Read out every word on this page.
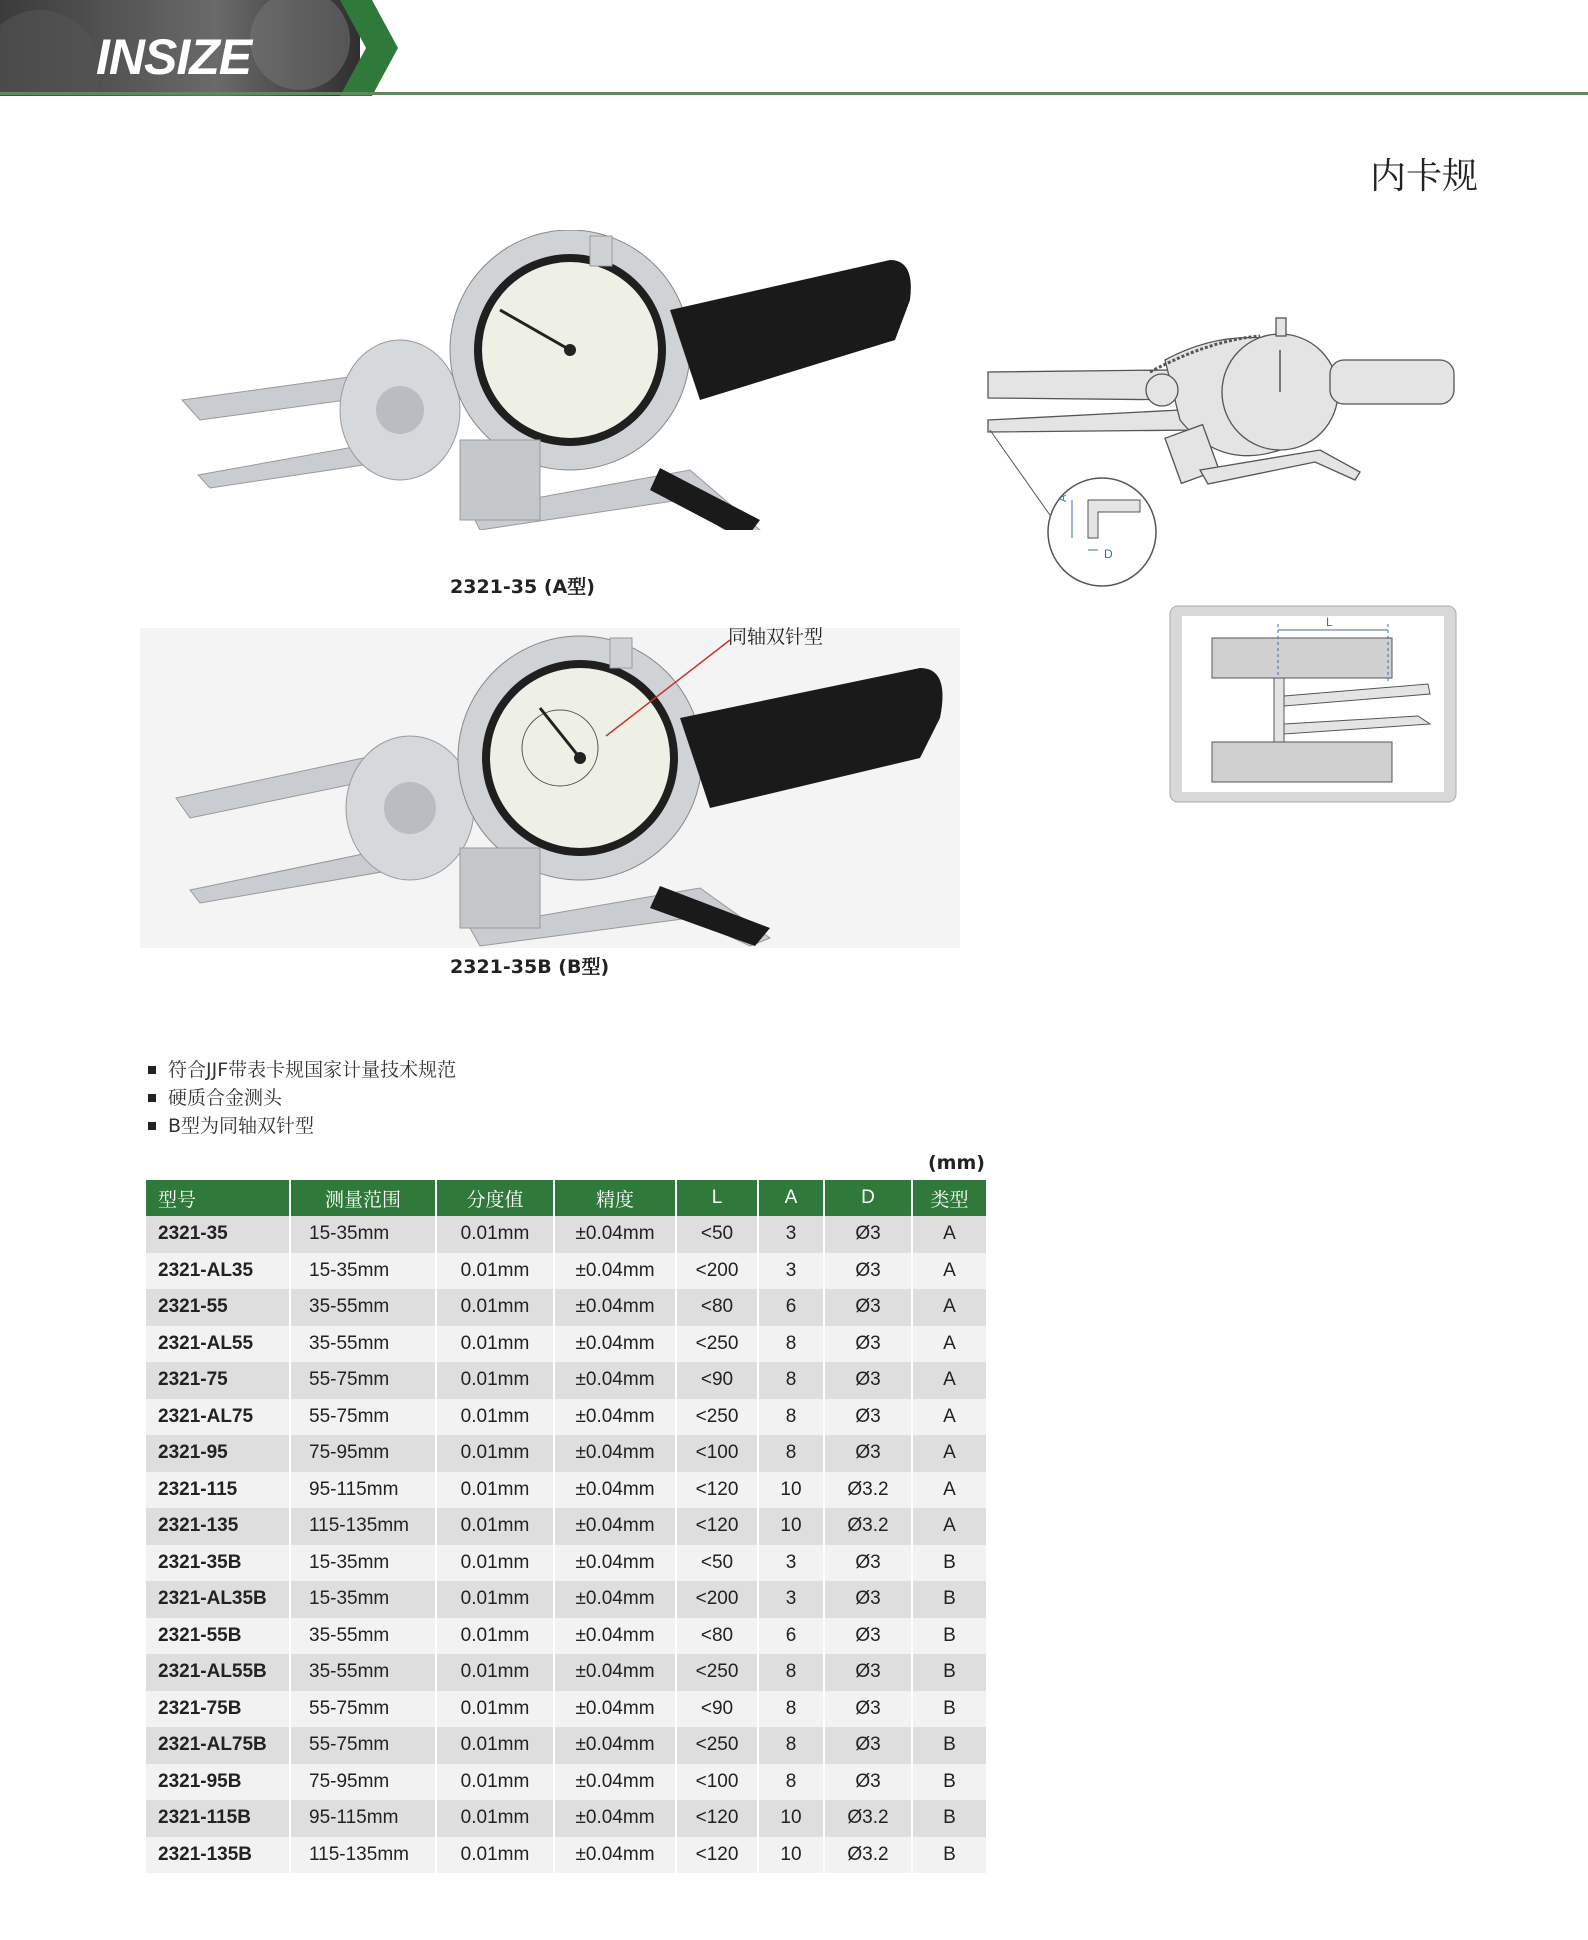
INSIZE
内卡规
2321-35 (A型)
同轴双针型
2321-35B (B型)
A
D
L
符合JJF带表卡规国家计量技术规范
硬质合金测头
B型为同轴双针型
(mm)
型号	测量范围	分度值	精度	L	A	D	类型
2321-35	15-35mm	0.01mm	±0.04mm	<50	3	Ø3	A
2321-AL35	15-35mm	0.01mm	±0.04mm	<200	3	Ø3	A
2321-55	35-55mm	0.01mm	±0.04mm	<80	6	Ø3	A
2321-AL55	35-55mm	0.01mm	±0.04mm	<250	8	Ø3	A
2321-75	55-75mm	0.01mm	±0.04mm	<90	8	Ø3	A
2321-AL75	55-75mm	0.01mm	±0.04mm	<250	8	Ø3	A
2321-95	75-95mm	0.01mm	±0.04mm	<100	8	Ø3	A
2321-115	95-115mm	0.01mm	±0.04mm	<120	10	Ø3.2	A
2321-135	115-135mm	0.01mm	±0.04mm	<120	10	Ø3.2	A
2321-35B	15-35mm	0.01mm	±0.04mm	<50	3	Ø3	B
2321-AL35B	15-35mm	0.01mm	±0.04mm	<200	3	Ø3	B
2321-55B	35-55mm	0.01mm	±0.04mm	<80	6	Ø3	B
2321-AL55B	35-55mm	0.01mm	±0.04mm	<250	8	Ø3	B
2321-75B	55-75mm	0.01mm	±0.04mm	<90	8	Ø3	B
2321-AL75B	55-75mm	0.01mm	±0.04mm	<250	8	Ø3	B
2321-95B	75-95mm	0.01mm	±0.04mm	<100	8	Ø3	B
2321-115B	95-115mm	0.01mm	±0.04mm	<120	10	Ø3.2	B
2321-135B	115-135mm	0.01mm	±0.04mm	<120	10	Ø3.2	B
